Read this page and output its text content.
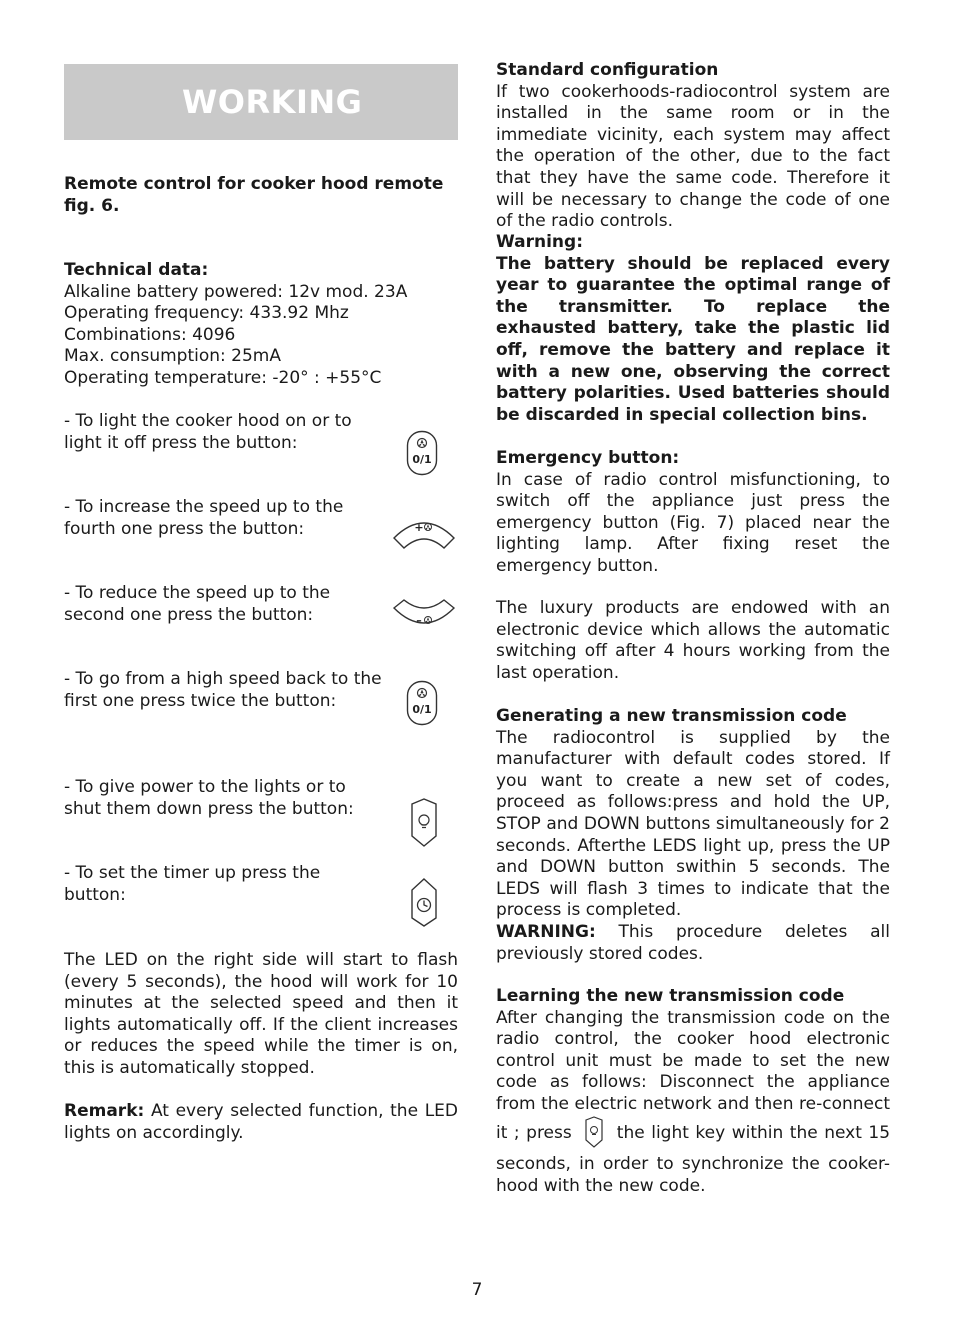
WORKING

Remote control for cooker hood remote fig. 6.

Technical data:

Alkaline battery powered: 12v mod. 23A

Operating frequency: 433.92 Mhz

Combinations: 4096

Max. consumption: 25mA

Operating temperature: -20° : +55°C

- To light the cooker hood on or to light it off press the button:

0/1

- To increase the speed up to the fourth one press the button:	+

- To reduce the speed up to the second one press the button:	–

- To go from a high speed back to the first one press twice the button:	0/1

- To give power to the lights or to shut them down press the button:

- To set the timer up press the button:

The LED on the right side will start to flash (every 5 seconds), the hood will work for 10 minutes at the selected speed and then it lights automatically off. If the client increases or reduces the speed while the timer is on, this is automatically stopped.

Remark: At every selected function, the LED lights on accordingly.

Standard configuration

If two cookerhoods-radiocontrol system are installed in the same room or in the immediate vicinity, each system may affect the operation of the other, due to the fact that they have the same code. Therefore it will be necessary to change the code of one of the radio controls.

Warning:

The battery should be replaced every year to guarantee the optimal range of the transmitter. To replace the exhausted battery, take the plastic lid off, remove the battery and replace it with a new one, observing the correct battery polarities. Used batteries should be discarded in special collection bins.

Emergency button:

In case of radio control misfunctioning, to switch off the appliance just press the emergency button (Fig. 7) placed near the lighting lamp. After fixing reset the emergency button.

The luxury products are endowed with an electronic device which allows the automatic switching off after 4 hours working from the last operation.

Generating a new transmission code

The radiocontrol is supplied by the manufacturer with default codes stored. If you want to create a new set of codes, proceed as follows:press and hold the UP, STOP and DOWN buttons simultaneously for 2 seconds. Afterthe LEDS light up, press the UP and DOWN button swithin 5 seconds. The LEDS will flash 3 times to indicate that the process is completed.

WARNING: This procedure deletes all previously stored codes.

Learning the new transmission code

After changing the transmission code on the radio control, the cooker hood electronic control unit must be made to set the new code as follows: Disconnect the appliance from the electric network and then re-connect it ; press  the light key within the next 15 seconds, in order to synchronize the cooker-hood with the new code.

7
